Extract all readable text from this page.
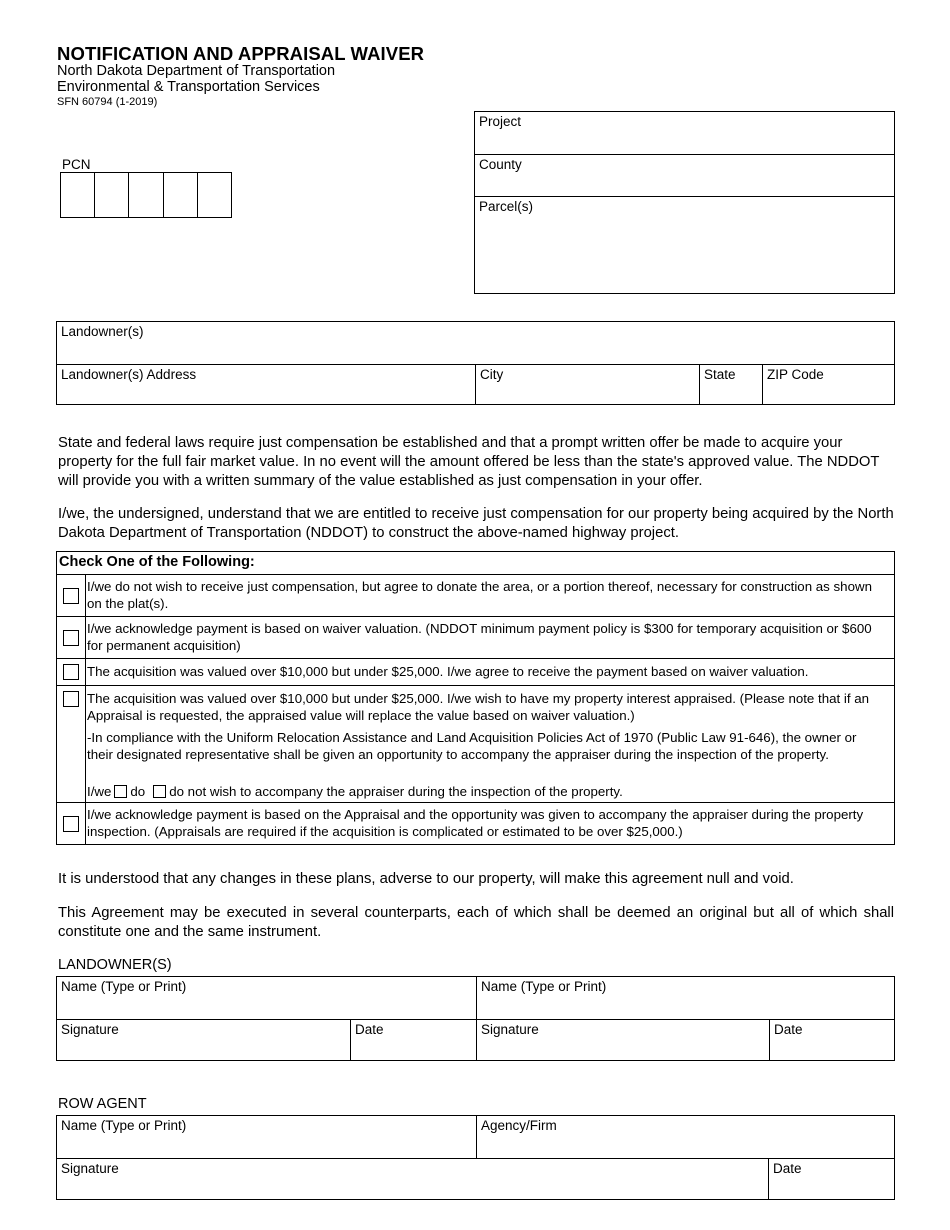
NOTIFICATION AND APPRAISAL WAIVER
North Dakota Department of Transportation
Environmental & Transportation Services
SFN 60794 (1-2019)
PCN
Project
County
Parcel(s)
Landowner(s)
Landowner(s) Address	City	State	ZIP Code
State and federal laws require just compensation be established and that a prompt written offer be made to acquire your property for the full fair market value. In no event will the amount offered be less than the state's approved value. The NDDOT will provide you with a written summary of the value established as just compensation in your offer.
I/we, the undersigned, understand that we are entitled to receive just compensation for our property being acquired by the North Dakota Department of Transportation (NDDOT) to construct the above-named highway project.
Check One of the Following:
I/we do not wish to receive just compensation, but agree to donate the area, or a portion thereof, necessary for construction as shown on the plat(s).
I/we acknowledge payment is based on waiver valuation. (NDDOT minimum payment policy is $300 for temporary acquisition or $600 for permanent acquisition)
The acquisition was valued over $10,000 but under $25,000. I/we agree to receive the payment based on waiver valuation.
The acquisition was valued over $10,000 but under $25,000. I/we wish to have my property interest appraised. (Please note that if an Appraisal is requested, the appraised value will replace the value based on waiver valuation.)
-In compliance with the Uniform Relocation Assistance and Land Acquisition Policies Act of 1970 (Public Law 91-646), the owner or their designated representative shall be given an opportunity to accompany the appraiser during the inspection of the property.
I/we do do not wish to accompany the appraiser during the inspection of the property.
I/we acknowledge payment is based on the Appraisal and the opportunity was given to accompany the appraiser during the property inspection. (Appraisals are required if the acquisition is complicated or estimated to be over $25,000.)
It is understood that any changes in these plans, adverse to our property, will make this agreement null and void.
This Agreement may be executed in several counterparts, each of which shall be deemed an original but all of which shall constitute one and the same instrument.
LANDOWNER(S)
Name (Type or Print)	Name (Type or Print)
Signature	Date	Signature	Date
ROW AGENT
Name (Type or Print)	Agency/Firm
Signature	Date
